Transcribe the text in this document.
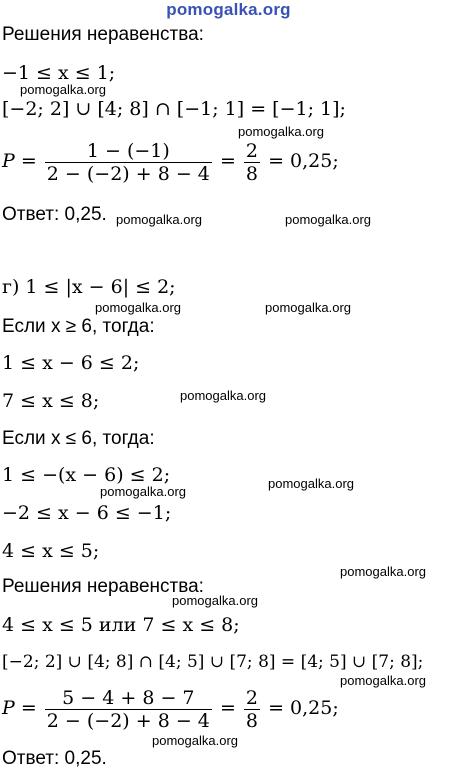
pomogalka.org
Решения неравенства:
−1 ≤ x ≤ 1;
pomogalka.org
[−2; 2] ∪ [4; 8] ∩ [−1; 1] = [−1; 1];
pomogalka.org
$P = \frac{1 - (-1)}{2 - (-2) + 8 - 4} = \frac{2}{8} = 0,25$;
Ответ: 0,25. pomogalka.org	pomogalka.org
г) 1 ≤ |x − 6| ≤ 2;
pomogalka.org	pomogalka.org
Если x ≥ 6, тогда:
1 ≤ x − 6 ≤ 2;
7 ≤ x ≤ 8;	pomogalka.org
Если x ≤ 6, тогда:
1 ≤ −(x − 6) ≤ 2;
pomogalka.org
pomogalka.org
−2 ≤ x − 6 ≤ −1;
4 ≤ x ≤ 5;
Решения неравенства:
pomogalka.org
pomogalka.org
4 ≤ x ≤ 5 или 7 ≤ x ≤ 8;
[−2; 2] ∪ [4; 8] ∩ [4; 5] ∪ [7; 8] = [4; 5] ∪ [7; 8];
pomogalka.org
$P = \frac{5 - 4 + 8 - 7}{2 - (-2) + 8 - 4} = \frac{2}{8} = 0,25$;
pomogalka.org
Ответ: 0,25.
